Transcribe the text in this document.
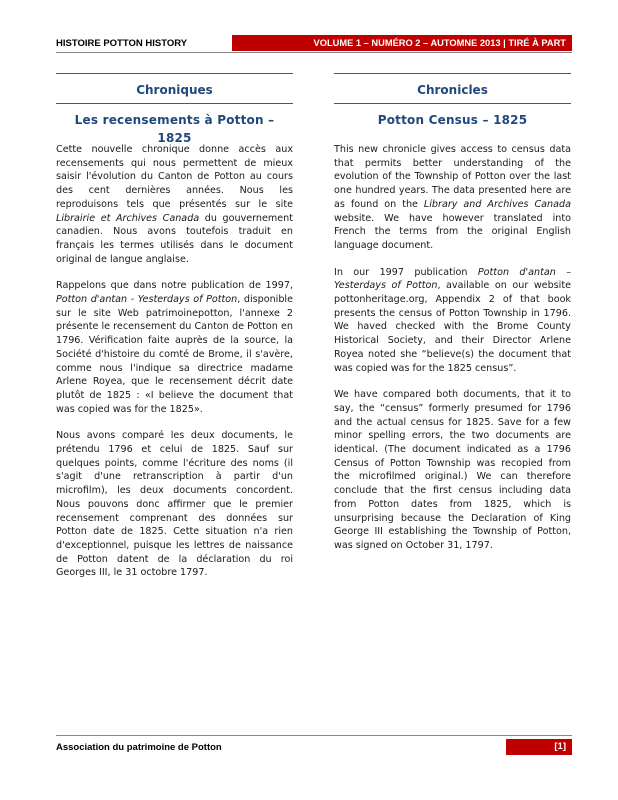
HISTOIRE POTTON HISTORY	VOLUME 1 – NUMÉRO 2 – AUTOMNE 2013 | TIRÉ À PART
Chroniques
Les recensements à Potton – 1825

Cette nouvelle chronique donne accès aux recensements qui nous permettent de mieux saisir l'évolution du Canton de Potton au cours des cent dernières années. Nous les reproduisons tels que présentés sur le site Librairie et Archives Canada du gouvernement canadien. Nous avons toutefois traduit en français les termes utilisés dans le document original de langue anglaise.

Rappelons que dans notre publication de 1997, Potton d'antan - Yesterdays of Potton, disponible sur le site Web patrimoinepotton, l'annexe 2 présente le recensement du Canton de Potton en 1796. Vérification faite auprès de la source, la Société d'histoire du comté de Brome, il s'avère, comme nous l'indique sa directrice madame Arlene Royea, que le recensement décrit date plutôt de 1825 : «I believe the document that was copied was for the 1825».

Nous avons comparé les deux documents, le prétendu 1796 et celui de 1825. Sauf sur quelques points, comme l'écriture des noms (il s'agit d'une retranscription à partir d'un microfilm), les deux documents concordent. Nous pouvons donc affirmer que le premier recensement comprenant des données sur Potton date de 1825. Cette situation n'a rien d'exceptionnel, puisque les lettres de naissance de Potton datent de la déclaration du roi Georges III, le 31 octobre 1797.

Chronicles
Potton Census – 1825

This new chronicle gives access to census data that permits better understanding of the evolution of the Township of Potton over the last one hundred years. The data presented here are as found on the Library and Archives Canada website. We have however translated into French the terms from the original English language document.

In our 1997 publication Potton d'antan – Yesterdays of Potton, available on our website pottonheritage.org, Appendix 2 of that book presents the census of Potton Township in 1796. We haved checked with the Brome County Historical Society, and their Director Arlene Royea noted she “believe(s) the document that was copied was for the 1825 census”.

We have compared both documents, that it to say, the “census” formerly presumed for 1796 and the actual census for 1825. Save for a few minor spelling errors, the two documents are identical. (The document indicated as a 1796 Census of Potton Township was recopied from the microfilmed original.) We can therefore conclude that the first census including data from Potton dates from 1825, which is unsurprising because the Declaration of King George III establishing the Township of Potton, was signed on October 31, 1797.

Association du patrimoine de Potton	[1]
